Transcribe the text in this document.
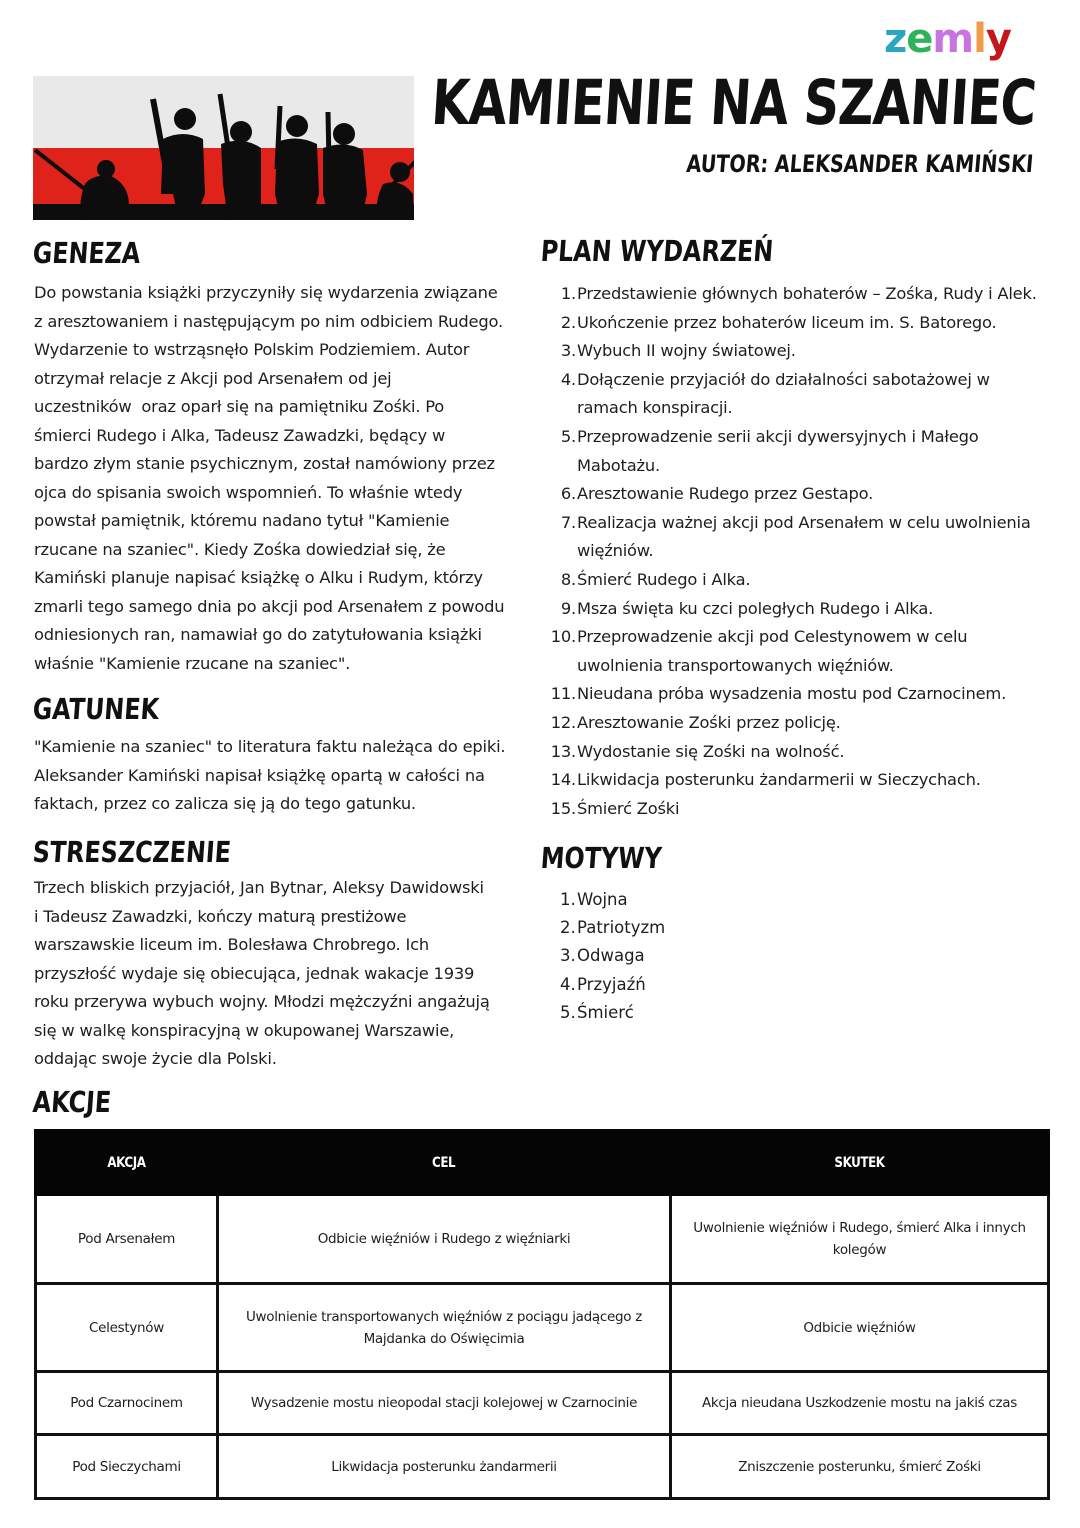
zemly
KAMIENIE NA SZANIEC
AUTOR: ALEKSANDER KAMIŃSKI
GENEZA
Do powstania książki przyczyniły się wydarzenia związane
z aresztowaniem i następującym po nim odbiciem Rudego.
Wydarzenie to wstrząsnęło Polskim Podziemiem. Autor
otrzymał relacje z Akcji pod Arsenałem od jej
uczestników  oraz oparł się na pamiętniku Zośki. Po
śmierci Rudego i Alka, Tadeusz Zawadzki, będący w
bardzo złym stanie psychicznym, został namówiony przez
ojca do spisania swoich wspomnień. To właśnie wtedy
powstał pamiętnik, któremu nadano tytuł "Kamienie
rzucane na szaniec". Kiedy Zośka dowiedział się, że
Kamiński planuje napisać książkę o Alku i Rudym, którzy
zmarli tego samego dnia po akcji pod Arsenałem z powodu
odniesionych ran, namawiał go do zatytułowania książki
właśnie "Kamienie rzucane na szaniec".
GATUNEK
"Kamienie na szaniec" to literatura faktu należąca do epiki.
Aleksander Kamiński napisał książkę opartą w całości na
faktach, przez co zalicza się ją do tego gatunku.
STRESZCZENIE
Trzech bliskich przyjaciół, Jan Bytnar, Aleksy Dawidowski
i Tadeusz Zawadzki, kończy maturą prestiżowe
warszawskie liceum im. Bolesława Chrobrego. Ich
przyszłość wydaje się obiecująca, jednak wakacje 1939
roku przerywa wybuch wojny. Młodzi mężczyźni angażują
się w walkę konspiracyjną w okupowanej Warszawie,
oddając swoje życie dla Polski.
PLAN WYDARZEŃ
1. Przedstawienie głównych bohaterów – Zośka, Rudy i Alek.
2. Ukończenie przez bohaterów liceum im. S. Batorego.
3. Wybuch II wojny światowej.
4. Dołączenie przyjaciół do działalności sabotażowej w ramach konspiracji.
5. Przeprowadzenie serii akcji dywersyjnych i Małego Mabotażu.
6. Aresztowanie Rudego przez Gestapo.
7. Realizacja ważnej akcji pod Arsenałem w celu uwolnienia więźniów.
8. Śmierć Rudego i Alka.
9. Msza święta ku czci poległych Rudego i Alka.
10. Przeprowadzenie akcji pod Celestynowem w celu uwolnienia transportowanych więźniów.
11. Nieudana próba wysadzenia mostu pod Czarnocinem.
12. Aresztowanie Zośki przez policję.
13. Wydostanie się Zośki na wolność.
14. Likwidacja posterunku żandarmerii w Sieczychach.
15. Śmierć Zośki
MOTYWY
1. Wojna
2. Patriotyzm
3. Odwaga
4. Przyjaźń
5. Śmierć
AKCJE
AKCJA	CEL	SKUTEK
Pod Arsenałem	Odbicie więźniów i Rudego z więźniarki	Uwolnienie więźniów i Rudego, śmierć Alka i innych kolegów
Celestynów	Uwolnienie transportowanych więźniów z pociągu jadącego z Majdanka do Oświęcimia	Odbicie więźniów
Pod Czarnocinem	Wysadzenie mostu nieopodal stacji kolejowej w Czarnocinie	Akcja nieudana Uszkodzenie mostu na jakiś czas
Pod Sieczychami	Likwidacja posterunku żandarmerii	Zniszczenie posterunku, śmierć Zośki
